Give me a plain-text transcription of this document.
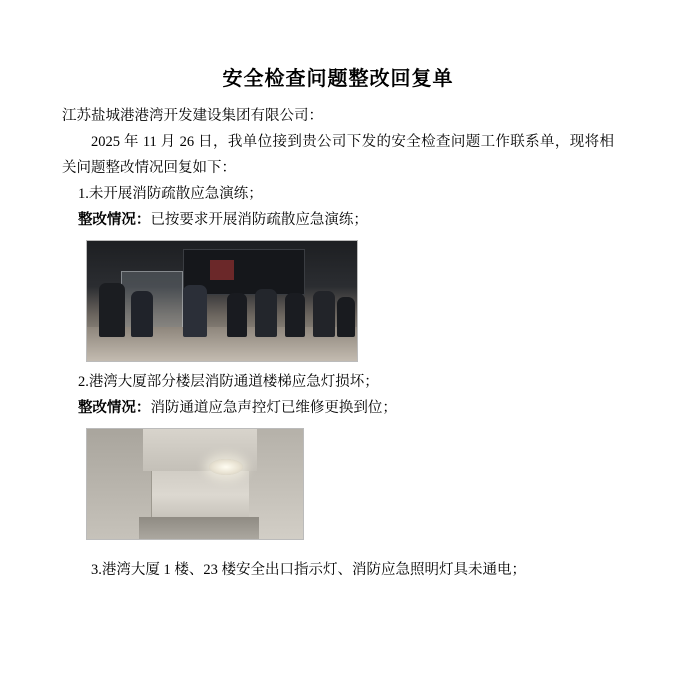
安全检查问题整改回复单

江苏盐城港港湾开发建设集团有限公司：

2025 年 11 月 26 日，我单位接到贵公司下发的安全检查问题工作联系单，现将相关问题整改情况回复如下：

1.未开展消防疏散应急演练；

整改情况：已按要求开展消防疏散应急演练；

2.港湾大厦部分楼层消防通道楼梯应急灯损坏；

整改情况：消防通道应急声控灯已维修更换到位；

3.港湾大厦 1 楼、23 楼安全出口指示灯、消防应急照明灯具未通电；
